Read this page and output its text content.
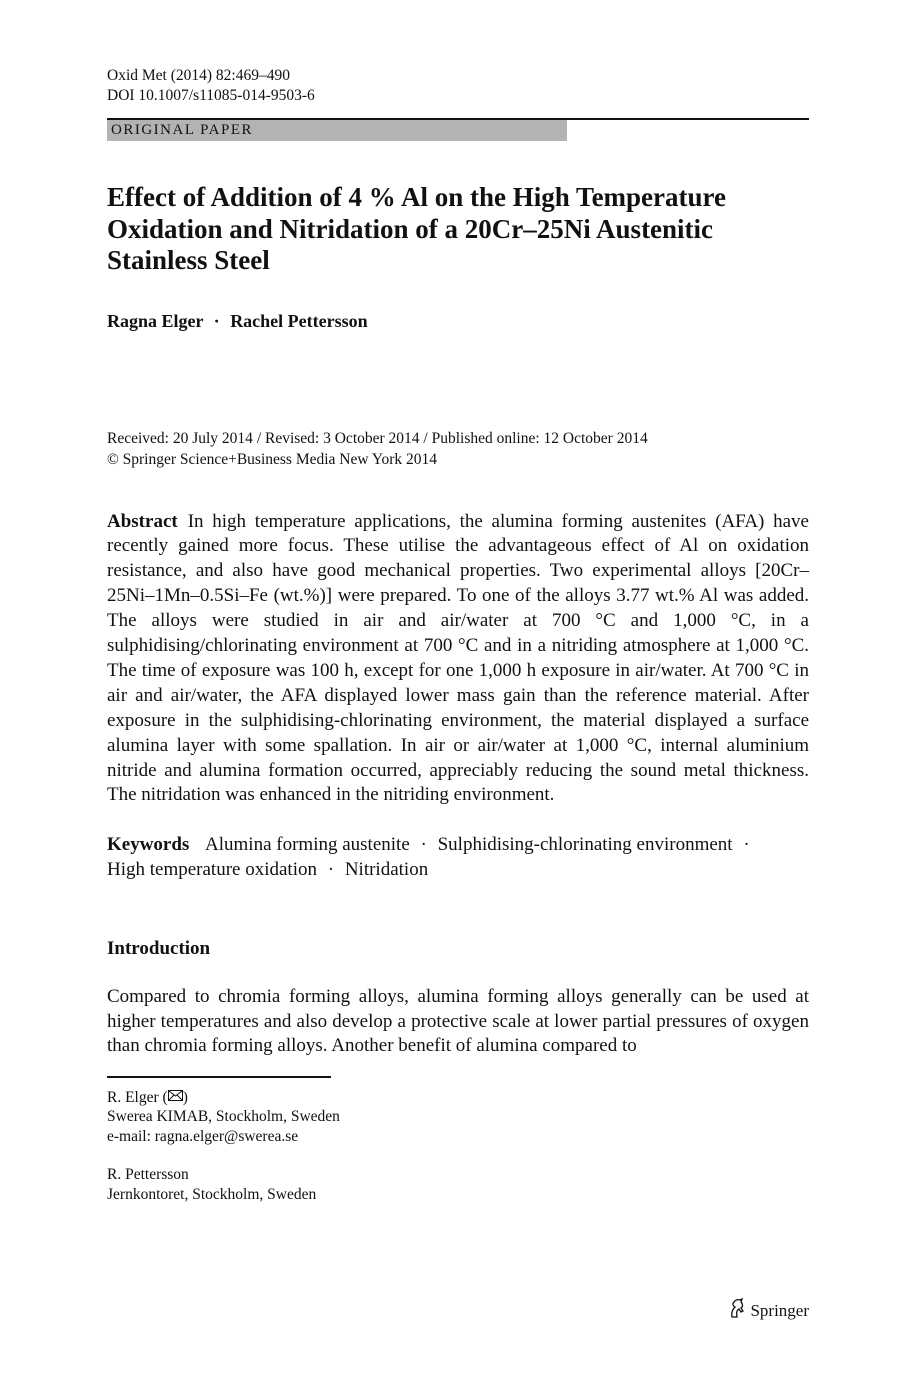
Oxid Met (2014) 82:469–490
DOI 10.1007/s11085-014-9503-6
ORIGINAL PAPER
Effect of Addition of 4 % Al on the High Temperature Oxidation and Nitridation of a 20Cr–25Ni Austenitic Stainless Steel
Ragna Elger · Rachel Pettersson
Received: 20 July 2014 / Revised: 3 October 2014 / Published online: 12 October 2014
© Springer Science+Business Media New York 2014
Abstract In high temperature applications, the alumina forming austenites (AFA) have recently gained more focus. These utilise the advantageous effect of Al on oxidation resistance, and also have good mechanical properties. Two experimental alloys [20Cr–25Ni–1Mn–0.5Si–Fe (wt.%)] were prepared. To one of the alloys 3.77 wt.% Al was added. The alloys were studied in air and air/water at 700 °C and 1,000 °C, in a sulphidising/chlorinating environment at 700 °C and in a nitriding atmosphere at 1,000 °C. The time of exposure was 100 h, except for one 1,000 h exposure in air/water. At 700 °C in air and air/water, the AFA displayed lower mass gain than the reference material. After exposure in the sulphidising-chlorinating environment, the material displayed a surface alumina layer with some spallation. In air or air/water at 1,000 °C, internal aluminium nitride and alumina formation occurred, appreciably reducing the sound metal thickness. The nitridation was enhanced in the nitriding environment.
Keywords Alumina forming austenite · Sulphidising-chlorinating environment ·
High temperature oxidation · Nitridation
Introduction
Compared to chromia forming alloys, alumina forming alloys generally can be used at higher temperatures and also develop a protective scale at lower partial pressures of oxygen than chromia forming alloys. Another benefit of alumina compared to
R. Elger ( )
Swerea KIMAB, Stockholm, Sweden
e-mail: ragna.elger@swerea.se
R. Pettersson
Jernkontoret, Stockholm, Sweden
Springer
